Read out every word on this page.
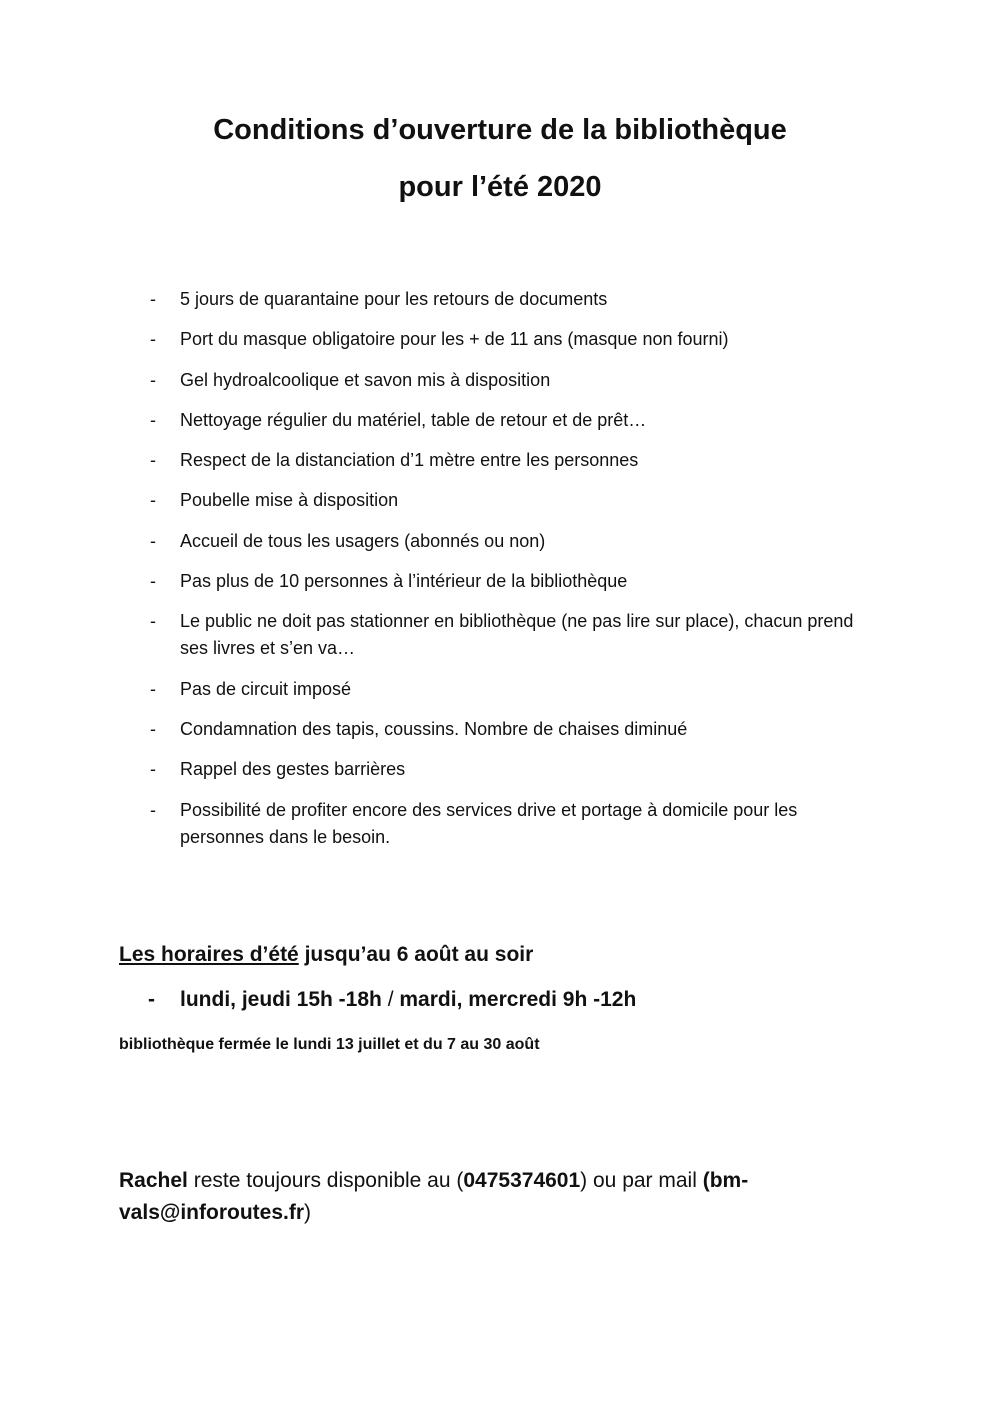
Conditions d’ouverture de la bibliothèque
pour l’été 2020
- 5 jours de quarantaine pour les retours de documents
- Port du masque obligatoire pour les + de 11 ans (masque non fourni)
- Gel hydroalcoolique et savon mis à disposition
- Nettoyage régulier du matériel, table de retour et de prêt…
- Respect de la distanciation d’1 mètre entre les personnes
- Poubelle mise à disposition
- Accueil de tous les usagers (abonnés ou non)
- Pas plus de 10 personnes à l’intérieur de la bibliothèque
- Le public ne doit pas stationner en bibliothèque (ne pas lire sur place), chacun prend ses livres et s’en va…
- Pas de circuit imposé
- Condamnation des tapis, coussins. Nombre de chaises diminué
- Rappel des gestes barrières
- Possibilité de profiter encore des services drive et portage à domicile pour les personnes dans le besoin.

Les horaires d’été jusqu’au 6 août au soir

- lundi, jeudi 15h -18h / mardi, mercredi 9h -12h

bibliothèque fermée le lundi 13 juillet et du 7 au 30 août

Rachel reste toujours disponible au (0475374601) ou par mail (bm-vals@inforoutes.fr)
